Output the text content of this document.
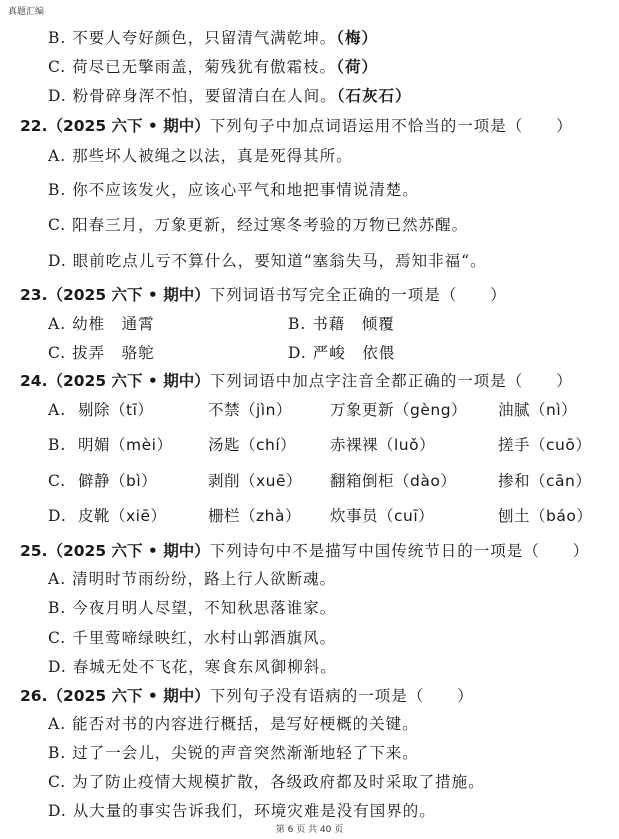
真题汇编
B. 不要人夸好颜色，只留清气满乾坤。（梅）
C. 荷尽已无擎雨盖，菊残犹有傲霜枝。（荷）
D. 粉骨碎身浑不怕，要留清白在人间。（石灰石）
22.（2025 六下 • 期中）下列句子中加点词语运用不恰当的一项是（　　）
A. 那些坏人被绳之以法，真是死得其所。
B. 你不应该发火，应该心平气和地把事情说清楚。
C. 阳春三月，万象更新，经过寒冬考验的万物已然苏醒。
D. 眼前吃点儿亏不算什么，要知道“塞翁失马，焉知非福“。
23.（2025 六下 • 期中）下列词语书写完全正确的一项是（　　）
A. 幼椎　通霄	B. 书藉　倾覆
C. 拔弄　骆鸵	D. 严峻　依偎
24.（2025 六下 • 期中）下列词语中加点字注音全都正确的一项是（　　）
A. 剔除（tī）	不禁（jìn） 万象更新（gèng） 油腻（nì）
B. 明媚（mèi） 汤匙（chí） 赤裸裸（luǒ）	搓手（cuō）
C. 僻静（bì）	剥削（xuē） 翻箱倒柜（dào）	掺和（cān）
D. 皮靴（xiē）	栅栏（zhà） 炊事员（cuī）	刨土（báo）
25.（2025 六下 • 期中）下列诗句中不是描写中国传统节日的一项是（　　）
A. 清明时节雨纷纷，路上行人欲断魂。
B. 今夜月明人尽望，不知秋思落谁家。
C. 千里莺啼绿映红，水村山郭酒旗风。
D. 春城无处不飞花，寒食东风御柳斜。
26.（2025 六下 • 期中）下列句子没有语病的一项是（　　）
A. 能否对书的内容进行概括，是写好梗概的关键。
B. 过了一会儿，尖锐的声音突然渐渐地轻了下来。
C. 为了防止疫情大规模扩散，各级政府都及时采取了措施。
D. 从大量的事实告诉我们，环境灾难是没有国界的。
第 6 页 共 40 页
